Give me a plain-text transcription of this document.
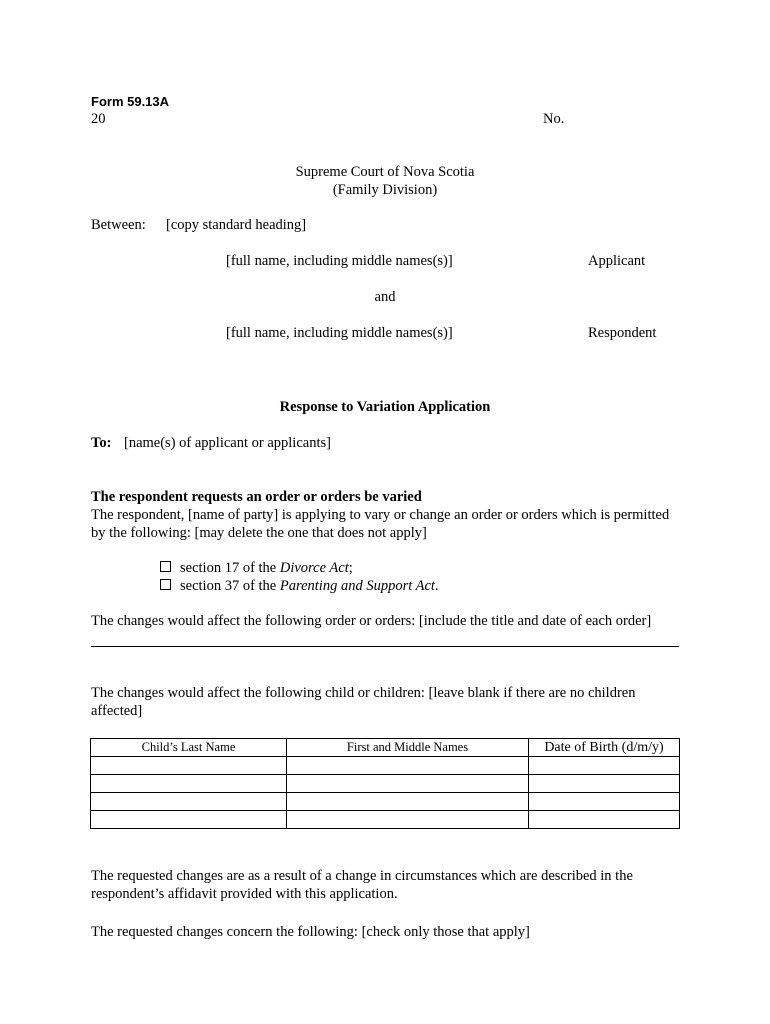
Form 59.13A
20	No.
Supreme Court of Nova Scotia
(Family Division)
Between: [copy standard heading]
[full name, including middle names(s)]	Applicant
and
[full name, including middle names(s)]	Respondent
Response to Variation Application
To: [name(s) of applicant or applicants]
The respondent requests an order or orders be varied
The respondent, [name of party] is applying to vary or change an order or orders which is permitted by the following: [may delete the one that does not apply]
section 17 of the Divorce Act;
section 37 of the Parenting and Support Act.
The changes would affect the following order or orders: [include the title and date of each order]
The changes would affect the following child or children: [leave blank if there are no children affected]
Child’s Last Name	First and Middle Names	Date of Birth (d/m/y)

The requested changes are as a result of a change in circumstances which are described in the respondent’s affidavit provided with this application.
The requested changes concern the following: [check only those that apply]
